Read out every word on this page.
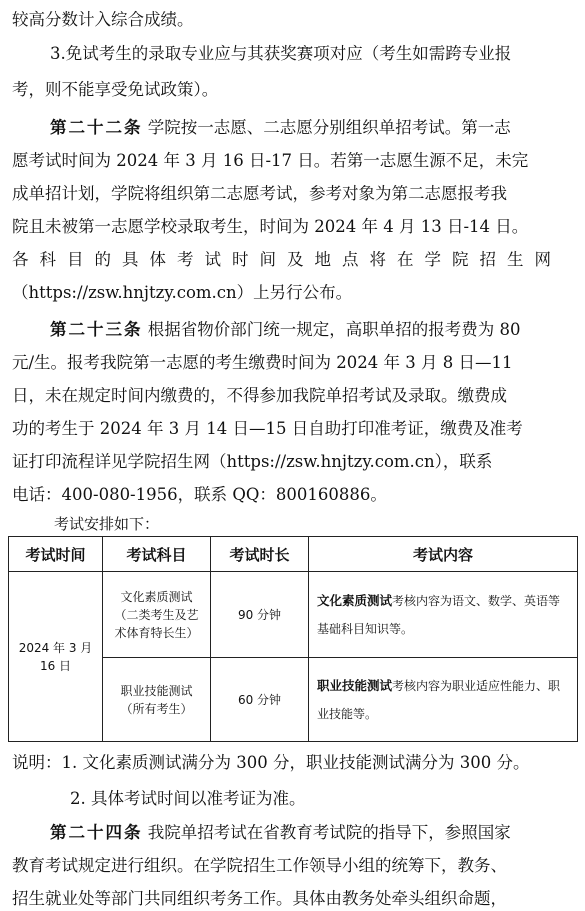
较高分数计入综合成绩。
3.免试考生的录取专业应与其获奖赛项对应（考生如需跨专业报
考，则不能享受免试政策）。
第二十二条 学院按一志愿、二志愿分别组织单招考试。第一志
愿考试时间为 2024 年 3 月 16 日-17 日。若第一志愿生源不足，未完
成单招计划，学院将组织第二志愿考试，参考对象为第二志愿报考我
院且未被第一志愿学校录取考生，时间为 2024 年 4 月 13 日-14 日。
各科目的具体考试时间及地点将在学院招生网
（https://zsw.hnjtzy.com.cn）上另行公布。
第二十三条 根据省物价部门统一规定，高职单招的报考费为 80
元/生。报考我院第一志愿的考生缴费时间为 2024 年 3 月 8 日—11
日，未在规定时间内缴费的，不得参加我院单招考试及录取。缴费成
功的考生于 2024 年 3 月 14 日—15 日自助打印准考证，缴费及准考
证打印流程详见学院招生网（https://zsw.hnjtzy.com.cn），联系
电话：400-080-1956，联系 QQ：800160886。
考试安排如下：
考试时间	考试科目	考试时长	考试内容
2024 年 3 月 16 日	文化素质测试（二类考生及艺术体育特长生）	90 分钟	文化素质测试考核内容为语文、数学、英语等基础科目知识等。
	职业技能测试（所有考生）	60 分钟	职业技能测试考核内容为职业适应性能力、职业技能等。
说明：1. 文化素质测试满分为 300 分，职业技能测试满分为 300 分。
2. 具体考试时间以准考证为准。
第二十四条 我院单招考试在省教育考试院的指导下，参照国家
教育考试规定进行组织。在学院招生工作领导小组的统筹下，教务、
招生就业处等部门共同组织考务工作。具体由教务处牵头组织命题，
